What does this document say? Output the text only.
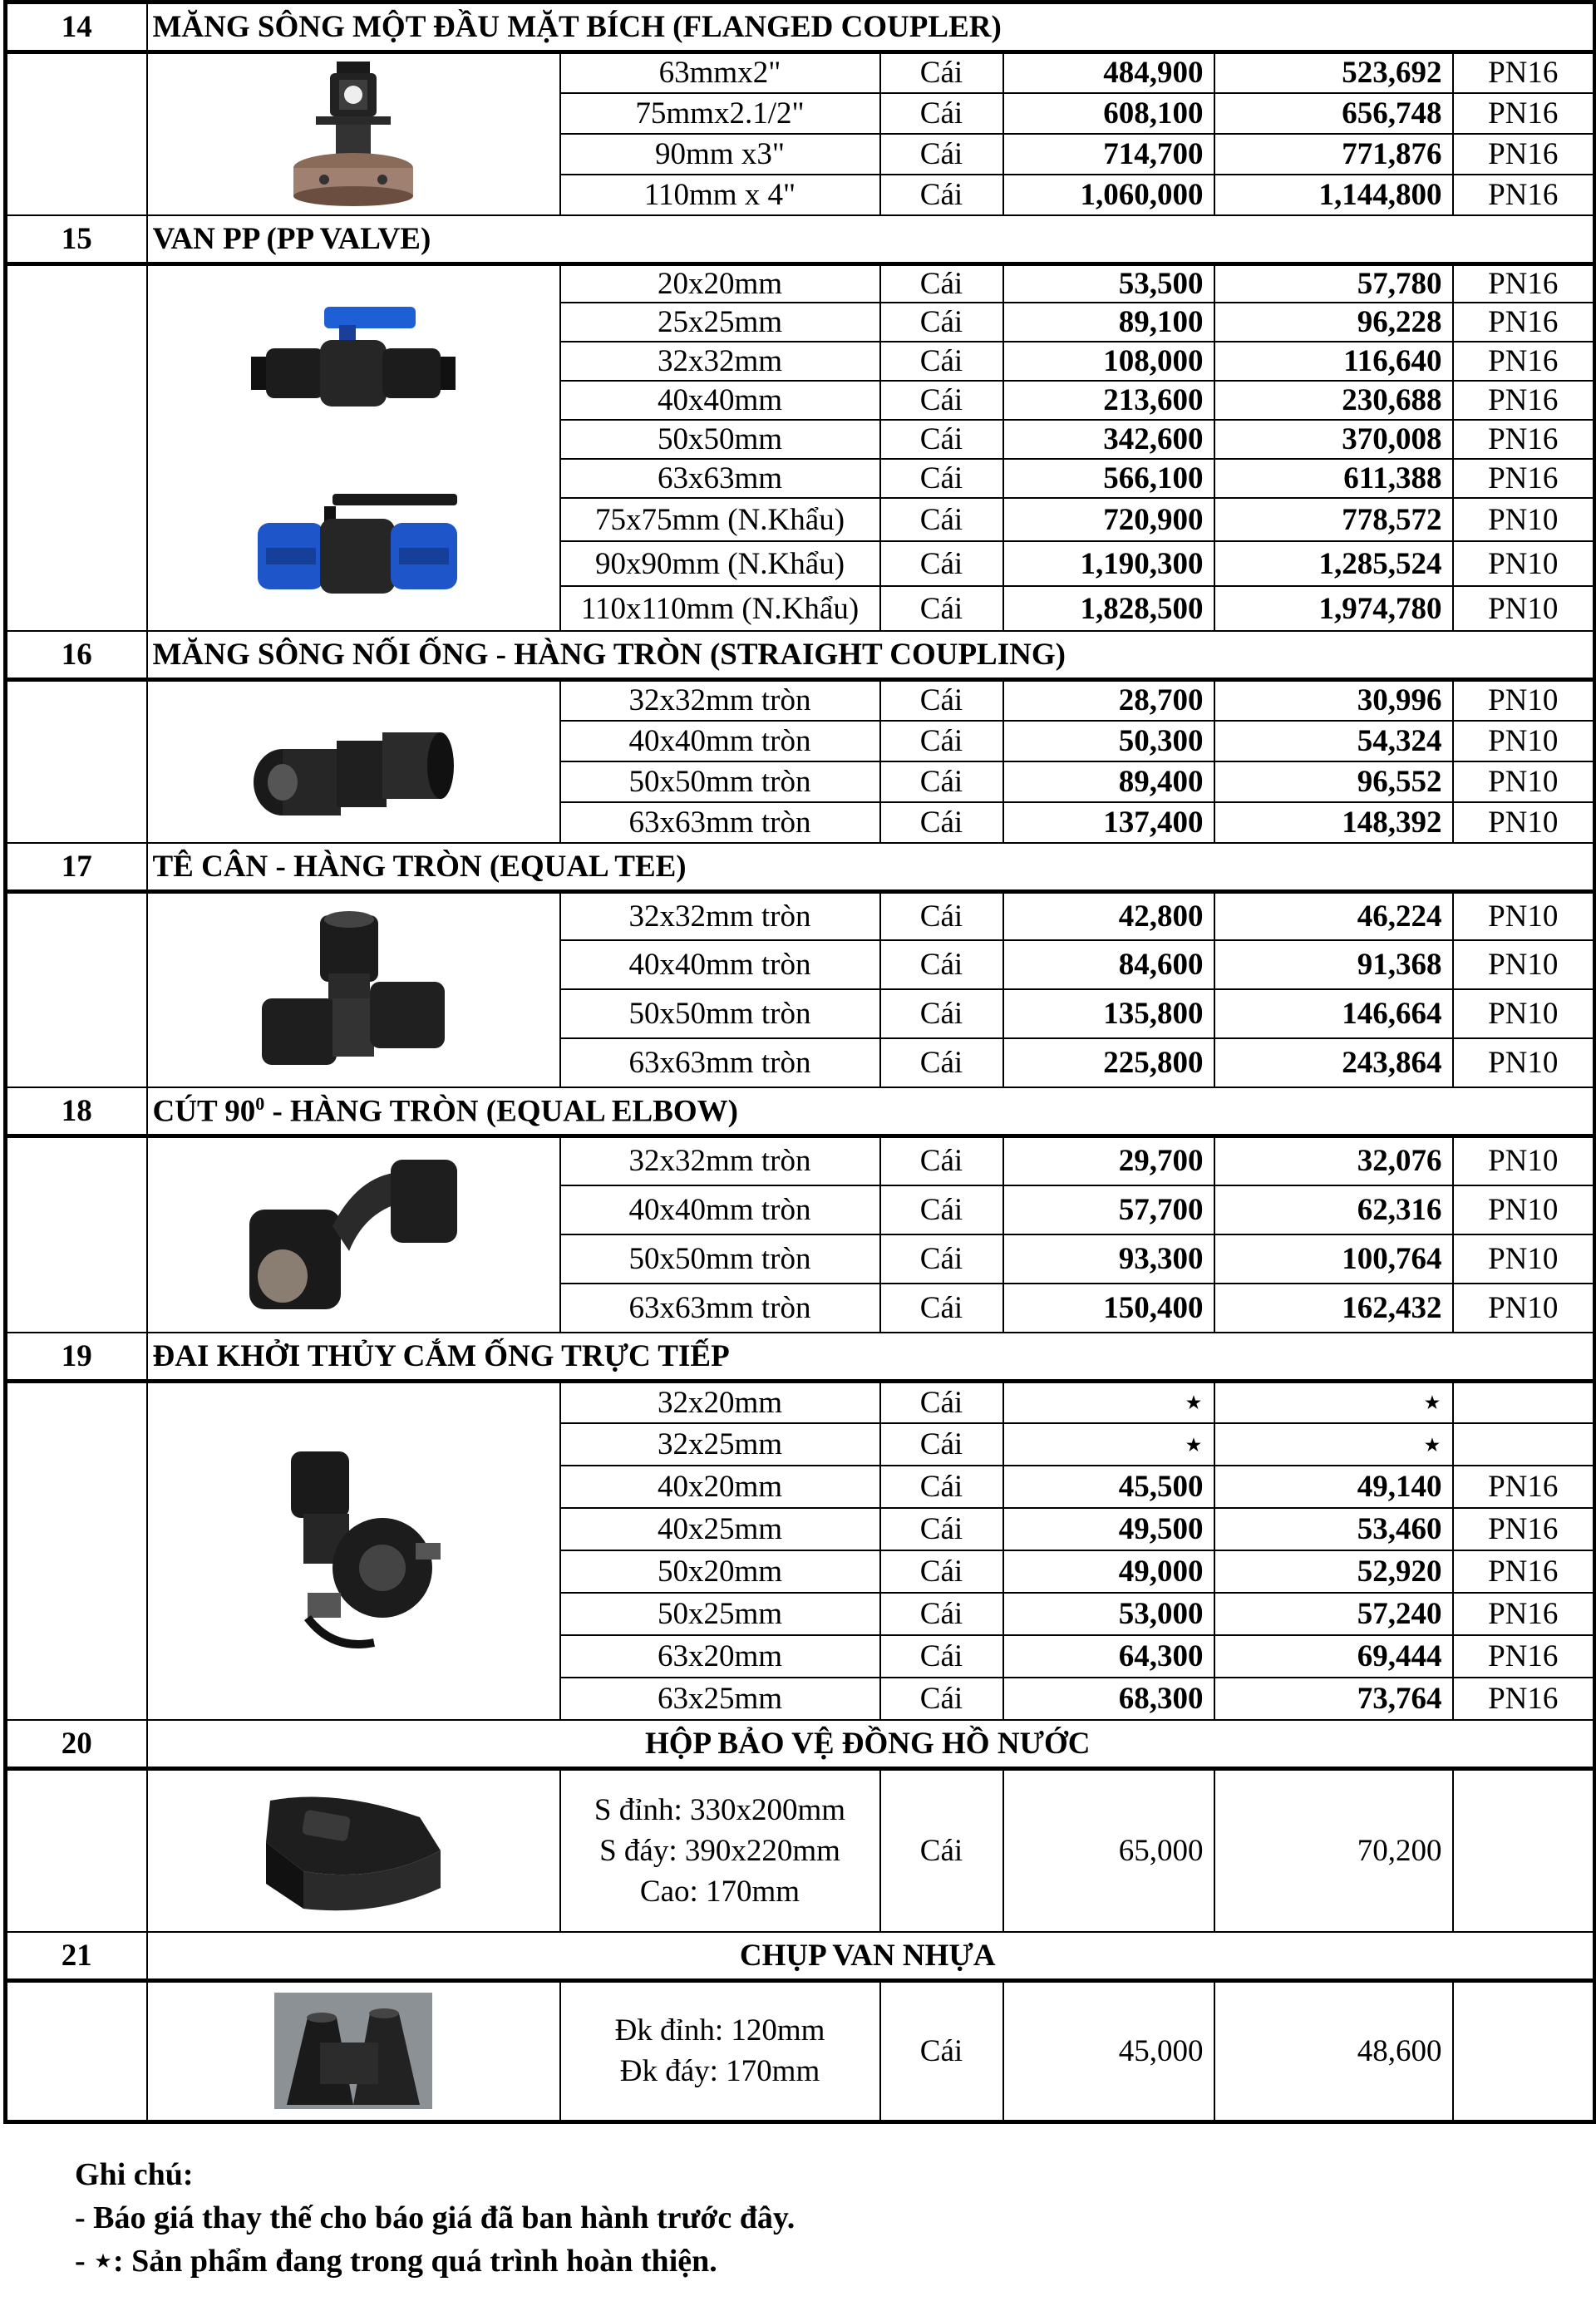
14	MĂNG SÔNG MỘT ĐẦU MẶT BÍCH (FLANGED COUPLER)					

	63mmx2"	Cái	484,900	523,692	PN16
		75mmx2.1/2"	Cái	608,100	656,748	PN16
		90mm x3"	Cái	714,700	771,876	PN16
		110mm x 4"	Cái	1,060,000	1,144,800	PN16
15	VAN PP (PP VALVE)					

	20x20mm	Cái	53,500	57,780	PN16
		25x25mm	Cái	89,100	96,228	PN16
		32x32mm	Cái	108,000	116,640	PN16
		40x40mm	Cái	213,600	230,688	PN16
		50x50mm	Cái	342,600	370,008	PN16
		63x63mm	Cái	566,100	611,388	PN16
		75x75mm (N.Khẩu)	Cái	720,900	778,572	PN10
		90x90mm (N.Khẩu)	Cái	1,190,300	1,285,524	PN10
		110x110mm (N.Khẩu)	Cái	1,828,500	1,974,780	PN10
16	MĂNG SÔNG NỐI ỐNG - HÀNG TRÒN (STRAIGHT COUPLING)					

	32x32mm tròn	Cái	28,700	30,996	PN10
		40x40mm tròn	Cái	50,300	54,324	PN10
		50x50mm tròn	Cái	89,400	96,552	PN10
		63x63mm tròn	Cái	137,400	148,392	PN10
17	TÊ CÂN - HÀNG TRÒN (EQUAL TEE)					

	32x32mm tròn	Cái	42,800	46,224	PN10
		40x40mm tròn	Cái	84,600	91,368	PN10
		50x50mm tròn	Cái	135,800	146,664	PN10
		63x63mm tròn	Cái	225,800	243,864	PN10
18	CÚT $90^0$ - HÀNG TRÒN (EQUAL ELBOW)					

	32x32mm tròn	Cái	29,700	32,076	PN10
		40x40mm tròn	Cái	57,700	62,316	PN10
		50x50mm tròn	Cái	93,300	100,764	PN10
		63x63mm tròn	Cái	150,400	162,432	PN10
19	ĐAI KHỞI THỦY CẮM ỐNG TRỰC TIẾP					

	32x20mm	Cái	⋆	⋆	
		32x25mm	Cái	⋆	⋆	
		40x20mm	Cái	45,500	49,140	PN16
		40x25mm	Cái	49,500	53,460	PN16
		50x20mm	Cái	49,000	52,920	PN16
		50x25mm	Cái	53,000	57,240	PN16
		63x20mm	Cái	64,300	69,444	PN16
		63x25mm	Cái	68,300	73,764	PN16
20	HỘP BẢO VỆ ĐỒNG HỒ NƯỚC					

S đỉnh: 330x200mm
S đáy: 390x220mm
Cao: 170mm	Cái	65,000	70,200	
21	CHỤP VAN NHỰA					

Đk đỉnh: 120mm
Đk đáy: 170mm	Cái	45,000	48,600	
Ghi chú:
- Báo giá thay thế cho báo giá đã ban hành trước đây.
- ⋆: Sản phẩm đang trong quá trình hoàn thiện.
